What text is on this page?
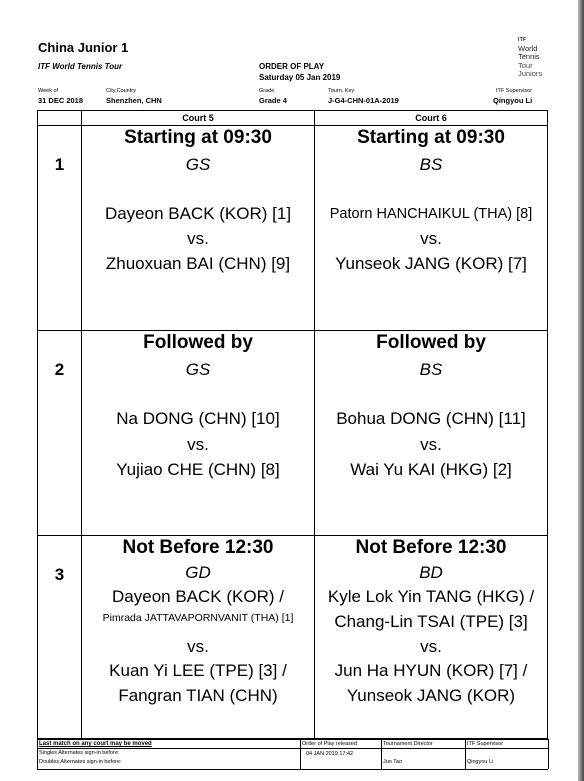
China Junior 1
ITF World Tennis Tour	ORDER OF PLAY
Saturday 05 Jan 2019
ITF
World
Tennis
Tour
Juniors
Week of
31 DEC 2018
City,Country
Shenzhen, CHN
Grade
Grade 4
Tourn. Key
J-G4-CHN-01A-2019
ITF Supervisor
Qingyou Li
Court 5	Court 6
1
Starting at 09:30
GS
Dayeon BACK (KOR) [1]
vs.
Zhuoxuan BAI (CHN) [9]
Starting at 09:30
BS
Patorn HANCHAIKUL (THA) [8]
vs.
Yunseok JANG (KOR) [7]
2
Followed by
GS
Na DONG (CHN) [10]
vs.
Yujiao CHE (CHN) [8]
Followed by
BS
Bohua DONG (CHN) [11]
vs.
Wai Yu KAI (HKG) [2]
3
Not Before 12:30
GD
Dayeon BACK (KOR) /
Pimrada JATTAVAPORNVANIT (THA) [1]
vs.
Kuan Yi LEE (TPE) [3] /
Fangran TIAN (CHN)
Not Before 12:30
BD
Kyle Lok Yin TANG (HKG) /
Chang-Lin TSAI (TPE) [3]
vs.
Jun Ha HYUN (KOR) [7] /
Yunseok JANG (KOR)
Last match on any court may be moved
Singles Alternates sign-in before:
Doubles Alternates sign-in before:
Order of Play released
04 JAN 2019 17:42
Tournament Director
Jun Tao
ITF Supervisor
Qingyou Li
